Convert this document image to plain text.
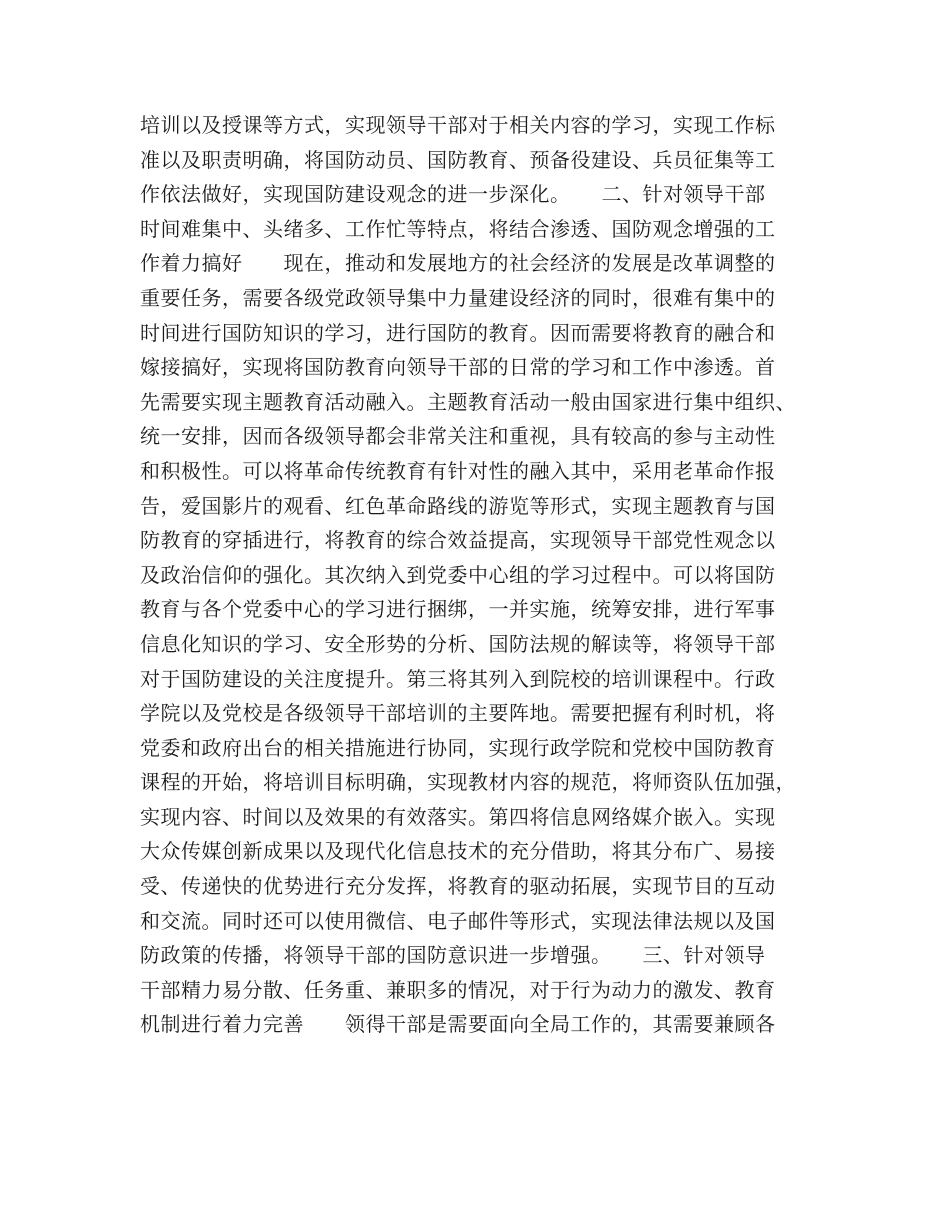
培训以及授课等方式，实现领导干部对于相关内容的学习，实现工作标
准以及职责明确，将国防动员、国防教育、预备役建设、兵员征集等工
作依法做好，实现国防建设观念的进一步深化。　　二、针对领导干部
时间难集中、头绪多、工作忙等特点，将结合渗透、国防观念增强的工
作着力搞好　　现在，推动和发展地方的社会经济的发展是改革调整的
重要任务，需要各级党政领导集中力量建设经济的同时，很难有集中的
时间进行国防知识的学习，进行国防的教育。因而需要将教育的融合和
嫁接搞好，实现将国防教育向领导干部的日常的学习和工作中渗透。首
先需要实现主题教育活动融入。主题教育活动一般由国家进行集中组织、
统一安排，因而各级领导都会非常关注和重视，具有较高的参与主动性
和积极性。可以将革命传统教育有针对性的融入其中，采用老革命作报
告，爱国影片的观看、红色革命路线的游览等形式，实现主题教育与国
防教育的穿插进行，将教育的综合效益提高，实现领导干部党性观念以
及政治信仰的强化。其次纳入到党委中心组的学习过程中。可以将国防
教育与各个党委中心的学习进行捆绑，一并实施，统筹安排，进行军事
信息化知识的学习、安全形势的分析、国防法规的解读等，将领导干部
对于国防建设的关注度提升。第三将其列入到院校的培训课程中。行政
学院以及党校是各级领导干部培训的主要阵地。需要把握有利时机，将
党委和政府出台的相关措施进行协同，实现行政学院和党校中国防教育
课程的开始，将培训目标明确，实现教材内容的规范，将师资队伍加强，
实现内容、时间以及效果的有效落实。第四将信息网络媒介嵌入。实现
大众传媒创新成果以及现代化信息技术的充分借助，将其分布广、易接
受、传递快的优势进行充分发挥，将教育的驱动拓展，实现节目的互动
和交流。同时还可以使用微信、电子邮件等形式，实现法律法规以及国
防政策的传播，将领导干部的国防意识进一步增强。　　三、针对领导
干部精力易分散、任务重、兼职多的情况，对于行为动力的激发、教育
机制进行着力完善　　领得干部是需要面向全局工作的，其需要兼顾各
